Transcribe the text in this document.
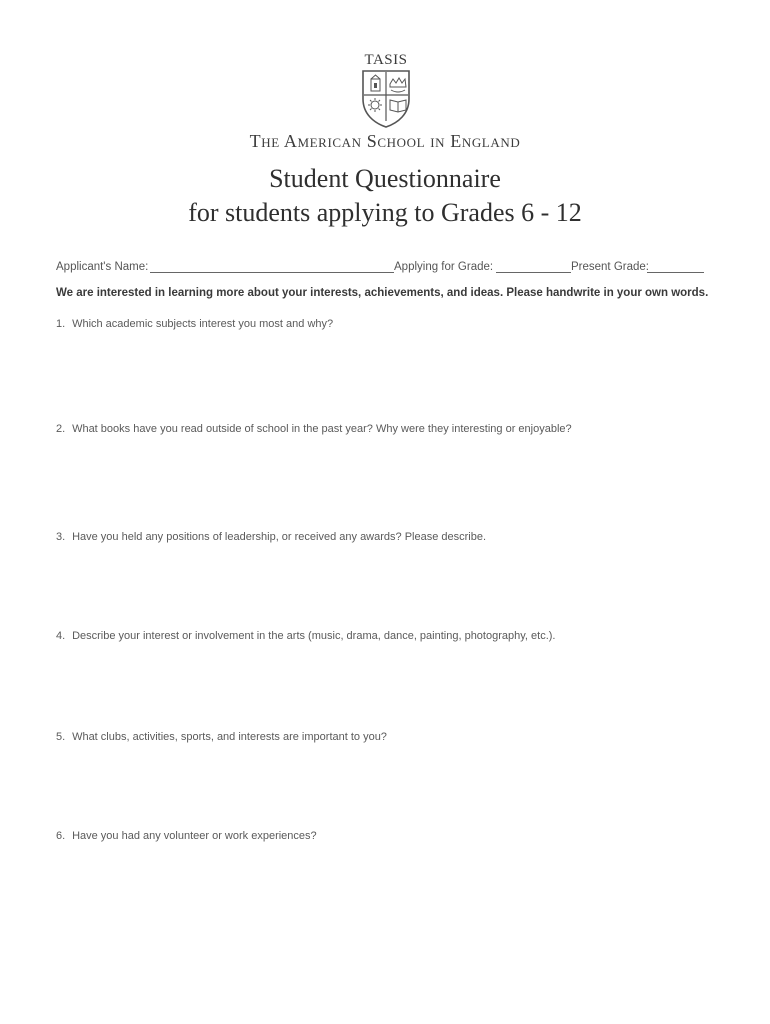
TASIS
The American School in England
Student Questionnaire
for students applying to Grades 6 - 12
Applicant's Name:	Applying for Grade:	Present Grade:
We are interested in learning more about your interests, achievements, and ideas. Please handwrite in your own words.
1. Which academic subjects interest you most and why?
2. What books have you read outside of school in the past year? Why were they interesting or enjoyable?
3. Have you held any positions of leadership, or received any awards? Please describe.
4. Describe your interest or involvement in the arts (music, drama, dance, painting, photography, etc.).
5. What clubs, activities, sports, and interests are important to you?
6. Have you had any volunteer or work experiences?
